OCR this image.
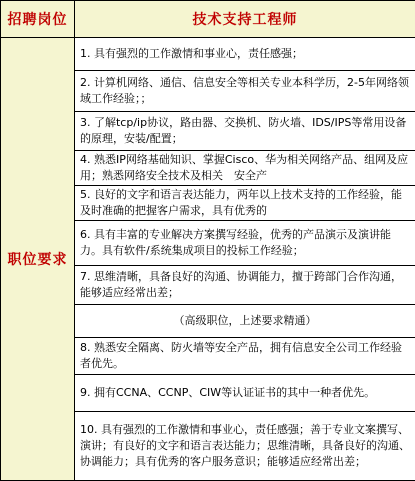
招聘岗位	技术支持工程师
职位要求	1. 具有强烈的工作激情和事业心，责任感强；
	2. 计算机网络、通信、信息安全等相关专业本科学历，2-5年网络领域工作经验；；
	3. 了解tcp/ip协议，路由器、交换机、防火墙、IDS/IPS等常用设备的原理，安装/配置；
	4. 熟悉IP网络基础知识、掌握Cisco、华为相关网络产品、组网及应用；熟悉网络安全技术及相关　安全产
	5. 良好的文字和语言表达能力，两年以上技术支持的工作经验，能及时准确的把握客户需求，具有优秀的
	6. 具有丰富的专业解决方案撰写经验，优秀的产品演示及演讲能力。具有软件/系统集成项目的投标工作经验；
	7. 思维清晰，具备良好的沟通、协调能力，擅于跨部门合作沟通，能够适应经常出差；
	（高级职位，上述要求精通）
	8. 熟悉安全隔离、防火墙等安全产品，拥有信息安全公司工作经验者优先。
	9. 拥有CCNA、CCNP、CIW等认证证书的其中一种者优先。
	10. 具有强烈的工作激情和事业心，责任感强；善于专业文案撰写、演讲；有良好的文字和语言表达能力；思维清晰，具备良好的沟通、协调能力；具有优秀的客户服务意识；能够适应经常出差；
